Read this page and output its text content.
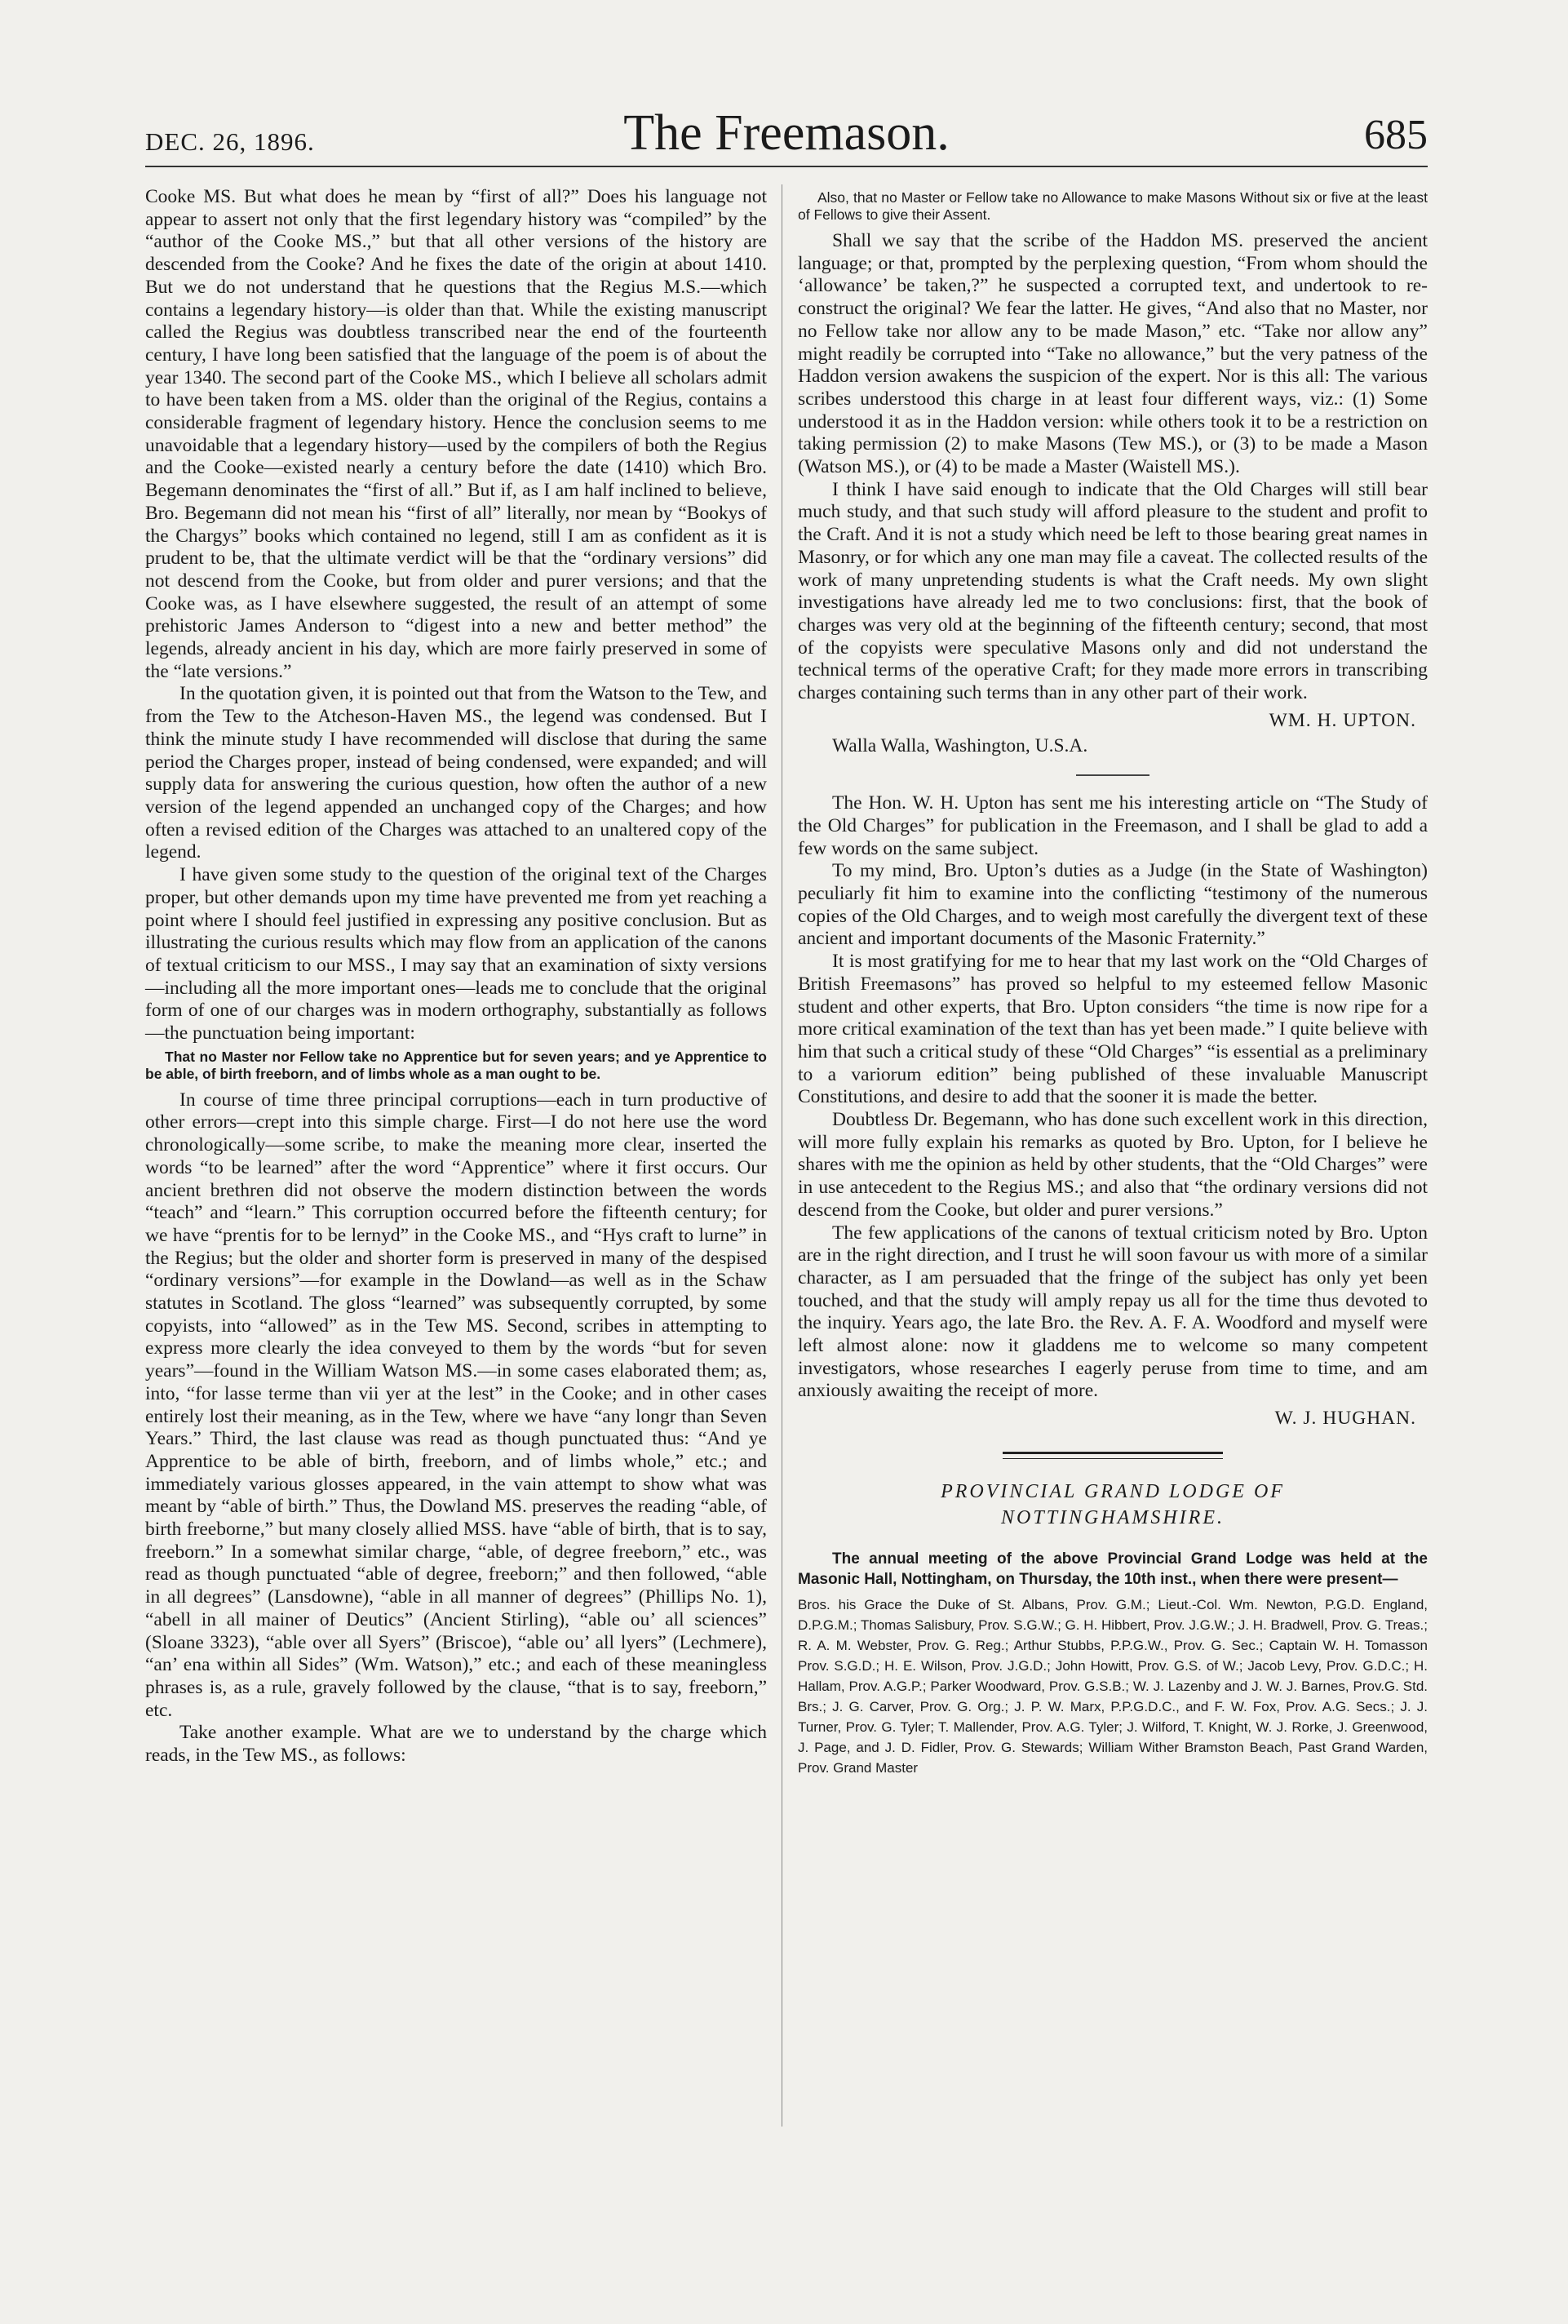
DEC. 26, 1896.	The Freemason.	685

Cooke MS. But what does he mean by “first of all?” Does his language not appear to assert not only that the first legendary history was “compiled” by the “author of the Cooke MS.,” but that all other versions of the history are descended from the Cooke? And he fixes the date of the origin at about 1410. But we do not understand that he questions that the Regius M.S.—which contains a legendary history—is older than that. While the existing manuscript called the Regius was doubtless transcribed near the end of the fourteenth century, I have long been satisfied that the language of the poem is of about the year 1340. The second part of the Cooke MS., which I believe all scholars admit to have been taken from a MS. older than the original of the Regius, contains a considerable fragment of legendary history. Hence the conclusion seems to me unavoidable that a legendary history—used by the compilers of both the Regius and the Cooke—existed nearly a century before the date (1410) which Bro. Begemann denominates the “first of all.” But if, as I am half inclined to believe, Bro. Begemann did not mean his “first of all” literally, nor mean by “Bookys of the Chargys” books which contained no legend, still I am as confident as it is prudent to be, that the ultimate verdict will be that the “ordinary versions” did not descend from the Cooke, but from older and purer versions; and that the Cooke was, as I have elsewhere suggested, the result of an attempt of some prehistoric James Anderson to “digest into a new and better method” the legends, already ancient in his day, which are more fairly preserved in some of the “late versions.”

In the quotation given, it is pointed out that from the Watson to the Tew, and from the Tew to the Atcheson-Haven MS., the legend was condensed. But I think the minute study I have recommended will disclose that during the same period the Charges proper, instead of being condensed, were expanded; and will supply data for answering the curious question, how often the author of a new version of the legend appended an unchanged copy of the Charges; and how often a revised edition of the Charges was attached to an unaltered copy of the legend.

I have given some study to the question of the original text of the Charges proper, but other demands upon my time have prevented me from yet reaching a point where I should feel justified in expressing any positive conclusion. But as illustrating the curious results which may flow from an application of the canons of textual criticism to our MSS., I may say that an examination of sixty versions—including all the more important ones—leads me to conclude that the original form of one of our charges was in modern orthography, substantially as follows—the punctuation being important:

That no Master nor Fellow take no Apprentice but for seven years; and ye Apprentice to be able, of birth freeborn, and of limbs whole as a man ought to be.

In course of time three principal corruptions—each in turn productive of other errors—crept into this simple charge. First—I do not here use the word chronologically—some scribe, to make the meaning more clear, inserted the words “to be learned” after the word “Apprentice” where it first occurs. Our ancient brethren did not observe the modern distinction between the words “teach” and “learn.” This corruption occurred before the fifteenth century; for we have “prentis for to be lernyd” in the Cooke MS., and “Hys craft to lurne” in the Regius; but the older and shorter form is preserved in many of the despised “ordinary versions”—for example in the Dowland—as well as in the Schaw statutes in Scotland. The gloss “learned” was subsequently corrupted, by some copyists, into “allowed” as in the Tew MS. Second, scribes in attempting to express more clearly the idea conveyed to them by the words “but for seven years”—found in the William Watson MS.—in some cases elaborated them; as, into, “for lasse terme than vii yer at the lest” in the Cooke; and in other cases entirely lost their meaning, as in the Tew, where we have “any longr than Seven Years.” Third, the last clause was read as though punctuated thus: “And ye Apprentice to be able of birth, freeborn, and of limbs whole,” etc.; and immediately various glosses appeared, in the vain attempt to show what was meant by “able of birth.” Thus, the Dowland MS. preserves the reading “able, of birth freeborne,” but many closely allied MSS. have “able of birth, that is to say, freeborn.” In a somewhat similar charge, “able, of degree freeborn,” etc., was read as though punctuated “able of degree, freeborn;” and then followed, “able in all degrees” (Lansdowne), “able in all manner of degrees” (Phillips No. 1), “abell in all mainer of Deutics” (Ancient Stirling), “able ou’ all sciences” (Sloane 3323), “able over all Syers” (Briscoe), “able ou’ all lyers” (Lechmere), “an’ ena within all Sides” (Wm. Watson),” etc.; and each of these meaningless phrases is, as a rule, gravely followed by the clause, “that is to say, freeborn,” etc.

Take another example. What are we to understand by the charge which reads, in the Tew MS., as follows:

Also, that no Master or Fellow take no Allowance to make Masons Without six or five at the least of Fellows to give their Assent.

Shall we say that the scribe of the Haddon MS. preserved the ancient language; or that, prompted by the perplexing question, “From whom should the ‘allowance’ be taken,?” he suspected a corrupted text, and undertook to re-construct the original? We fear the latter. He gives, “And also that no Master, nor no Fellow take nor allow any to be made Mason,” etc. “Take nor allow any” might readily be corrupted into “Take no allowance,” but the very patness of the Haddon version awakens the suspicion of the expert. Nor is this all: The various scribes understood this charge in at least four different ways, viz.: (1) Some understood it as in the Haddon version: while others took it to be a restriction on taking permission (2) to make Masons (Tew MS.), or (3) to be made a Mason (Watson MS.), or (4) to be made a Master (Waistell MS.).

I think I have said enough to indicate that the Old Charges will still bear much study, and that such study will afford pleasure to the student and profit to the Craft. And it is not a study which need be left to those bearing great names in Masonry, or for which any one man may file a caveat. The collected results of the work of many unpretending students is what the Craft needs. My own slight investigations have already led me to two conclusions: first, that the book of charges was very old at the beginning of the fifteenth century; second, that most of the copyists were speculative Masons only and did not understand the technical terms of the operative Craft; for they made more errors in transcribing charges containing such terms than in any other part of their work.

WM. H. UPTON.

Walla Walla, Washington, U.S.A.

The Hon. W. H. Upton has sent me his interesting article on “The Study of the Old Charges” for publication in the Freemason, and I shall be glad to add a few words on the same subject.

To my mind, Bro. Upton’s duties as a Judge (in the State of Washington) peculiarly fit him to examine into the conflicting “testimony of the numerous copies of the Old Charges, and to weigh most carefully the divergent text of these ancient and important documents of the Masonic Fraternity.”

It is most gratifying for me to hear that my last work on the “Old Charges of British Freemasons” has proved so helpful to my esteemed fellow Masonic student and other experts, that Bro. Upton considers “the time is now ripe for a more critical examination of the text than has yet been made.” I quite believe with him that such a critical study of these “Old Charges” “is essential as a preliminary to a variorum edition” being published of these invaluable Manuscript Constitutions, and desire to add that the sooner it is made the better.

Doubtless Dr. Begemann, who has done such excellent work in this direction, will more fully explain his remarks as quoted by Bro. Upton, for I believe he shares with me the opinion as held by other students, that the “Old Charges” were in use antecedent to the Regius MS.; and also that “the ordinary versions did not descend from the Cooke, but older and purer versions.”

The few applications of the canons of textual criticism noted by Bro. Upton are in the right direction, and I trust he will soon favour us with more of a similar character, as I am persuaded that the fringe of the subject has only yet been touched, and that the study will amply repay us all for the time thus devoted to the inquiry. Years ago, the late Bro. the Rev. A. F. A. Woodford and myself were left almost alone: now it gladdens me to welcome so many competent investigators, whose researches I eagerly peruse from time to time, and am anxiously awaiting the receipt of more.

W. J. HUGHAN.

PROVINCIAL GRAND LODGE OF
NOTTINGHAMSHIRE.

The annual meeting of the above Provincial Grand Lodge was held at the Masonic Hall, Nottingham, on Thursday, the 10th inst., when there were present—

Bros. his Grace the Duke of St. Albans, Prov. G.M.; Lieut.-Col. Wm. Newton, P.G.D. England, D.P.G.M.; Thomas Salisbury, Prov. S.G.W.; G. H. Hibbert, Prov. J.G.W.; J. H. Bradwell, Prov. G. Treas.; R. A. M. Webster, Prov. G. Reg.; Arthur Stubbs, P.P.G.W., Prov. G. Sec.; Captain W. H. Tomasson Prov. S.G.D.; H. E. Wilson, Prov. J.G.D.; John Howitt, Prov. G.S. of W.; Jacob Levy, Prov. G.D.C.; H. Hallam, Prov. A.G.P.; Parker Woodward, Prov. G.S.B.; W. J. Lazenby and J. W. J. Barnes, Prov.G. Std. Brs.; J. G. Carver, Prov. G. Org.; J. P. W. Marx, P.P.G.D.C., and F. W. Fox, Prov. A.G. Secs.; J. J. Turner, Prov. G. Tyler; T. Mallender, Prov. A.G. Tyler; J. Wilford, T. Knight, W. J. Rorke, J. Greenwood, J. Page, and J. D. Fidler, Prov. G. Stewards; William Wither Bramston Beach, Past Grand Warden, Prov. Grand Master
